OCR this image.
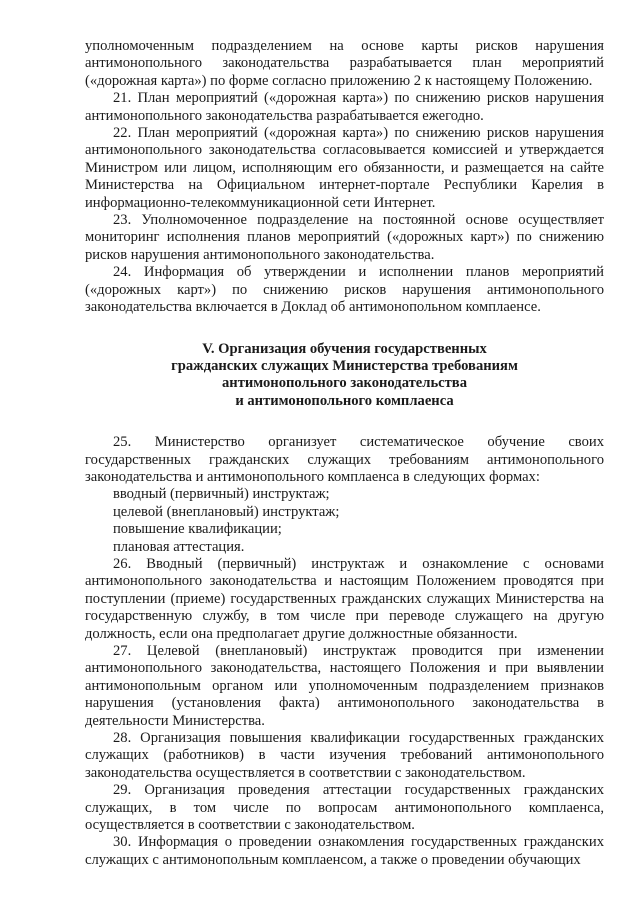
уполномоченным подразделением на основе карты рисков нарушения антимонопольного законодательства разрабатывается план мероприятий («дорожная карта») по форме согласно приложению 2 к настоящему Положению.

21. План мероприятий («дорожная карта») по снижению рисков нарушения антимонопольного законодательства разрабатывается ежегодно.

22. План мероприятий («дорожная карта») по снижению рисков нарушения антимонопольного законодательства согласовывается комиссией и утверждается Министром или лицом, исполняющим его обязанности, и размещается на сайте Министерства на Официальном интернет-портале Республики Карелия в информационно-телекоммуникационной сети Интернет.

23. Уполномоченное подразделение на постоянной основе осуществляет мониторинг исполнения планов мероприятий («дорожных карт») по снижению рисков нарушения антимонопольного законодательства.

24. Информация об утверждении и исполнении планов мероприятий («дорожных карт») по снижению рисков нарушения антимонопольного законодательства включается в Доклад об антимонопольном комплаенсе.

V. Организация обучения государственных
гражданских служащих Министерства требованиям
антимонопольного законодательства
и антимонопольного комплаенса

25. Министерство организует систематическое обучение своих государственных гражданских служащих требованиям антимонопольного законодательства и антимонопольного комплаенса в следующих формах:

вводный (первичный) инструктаж;

целевой (внеплановый) инструктаж;

повышение квалификации;

плановая аттестация.

26. Вводный (первичный) инструктаж и ознакомление с основами антимонопольного законодательства и настоящим Положением проводятся при поступлении (приеме) государственных гражданских служащих Министерства на государственную службу, в том числе при переводе служащего на другую должность, если она предполагает другие должностные обязанности.

27. Целевой (внеплановый) инструктаж проводится при изменении антимонопольного законодательства, настоящего Положения и при выявлении антимонопольным органом или уполномоченным подразделением признаков нарушения (установления факта) антимонопольного законодательства в деятельности Министерства.

28. Организация повышения квалификации государственных гражданских служащих (работников) в части изучения требований антимонопольного законодательства осуществляется в соответствии с законодательством.

29. Организация проведения аттестации государственных гражданских служащих, в том числе по вопросам антимонопольного комплаенса, осуществляется в соответствии с законодательством.

30. Информация о проведении ознакомления государственных гражданских служащих с антимонопольным комплаенсом, а также о проведении обучающих
